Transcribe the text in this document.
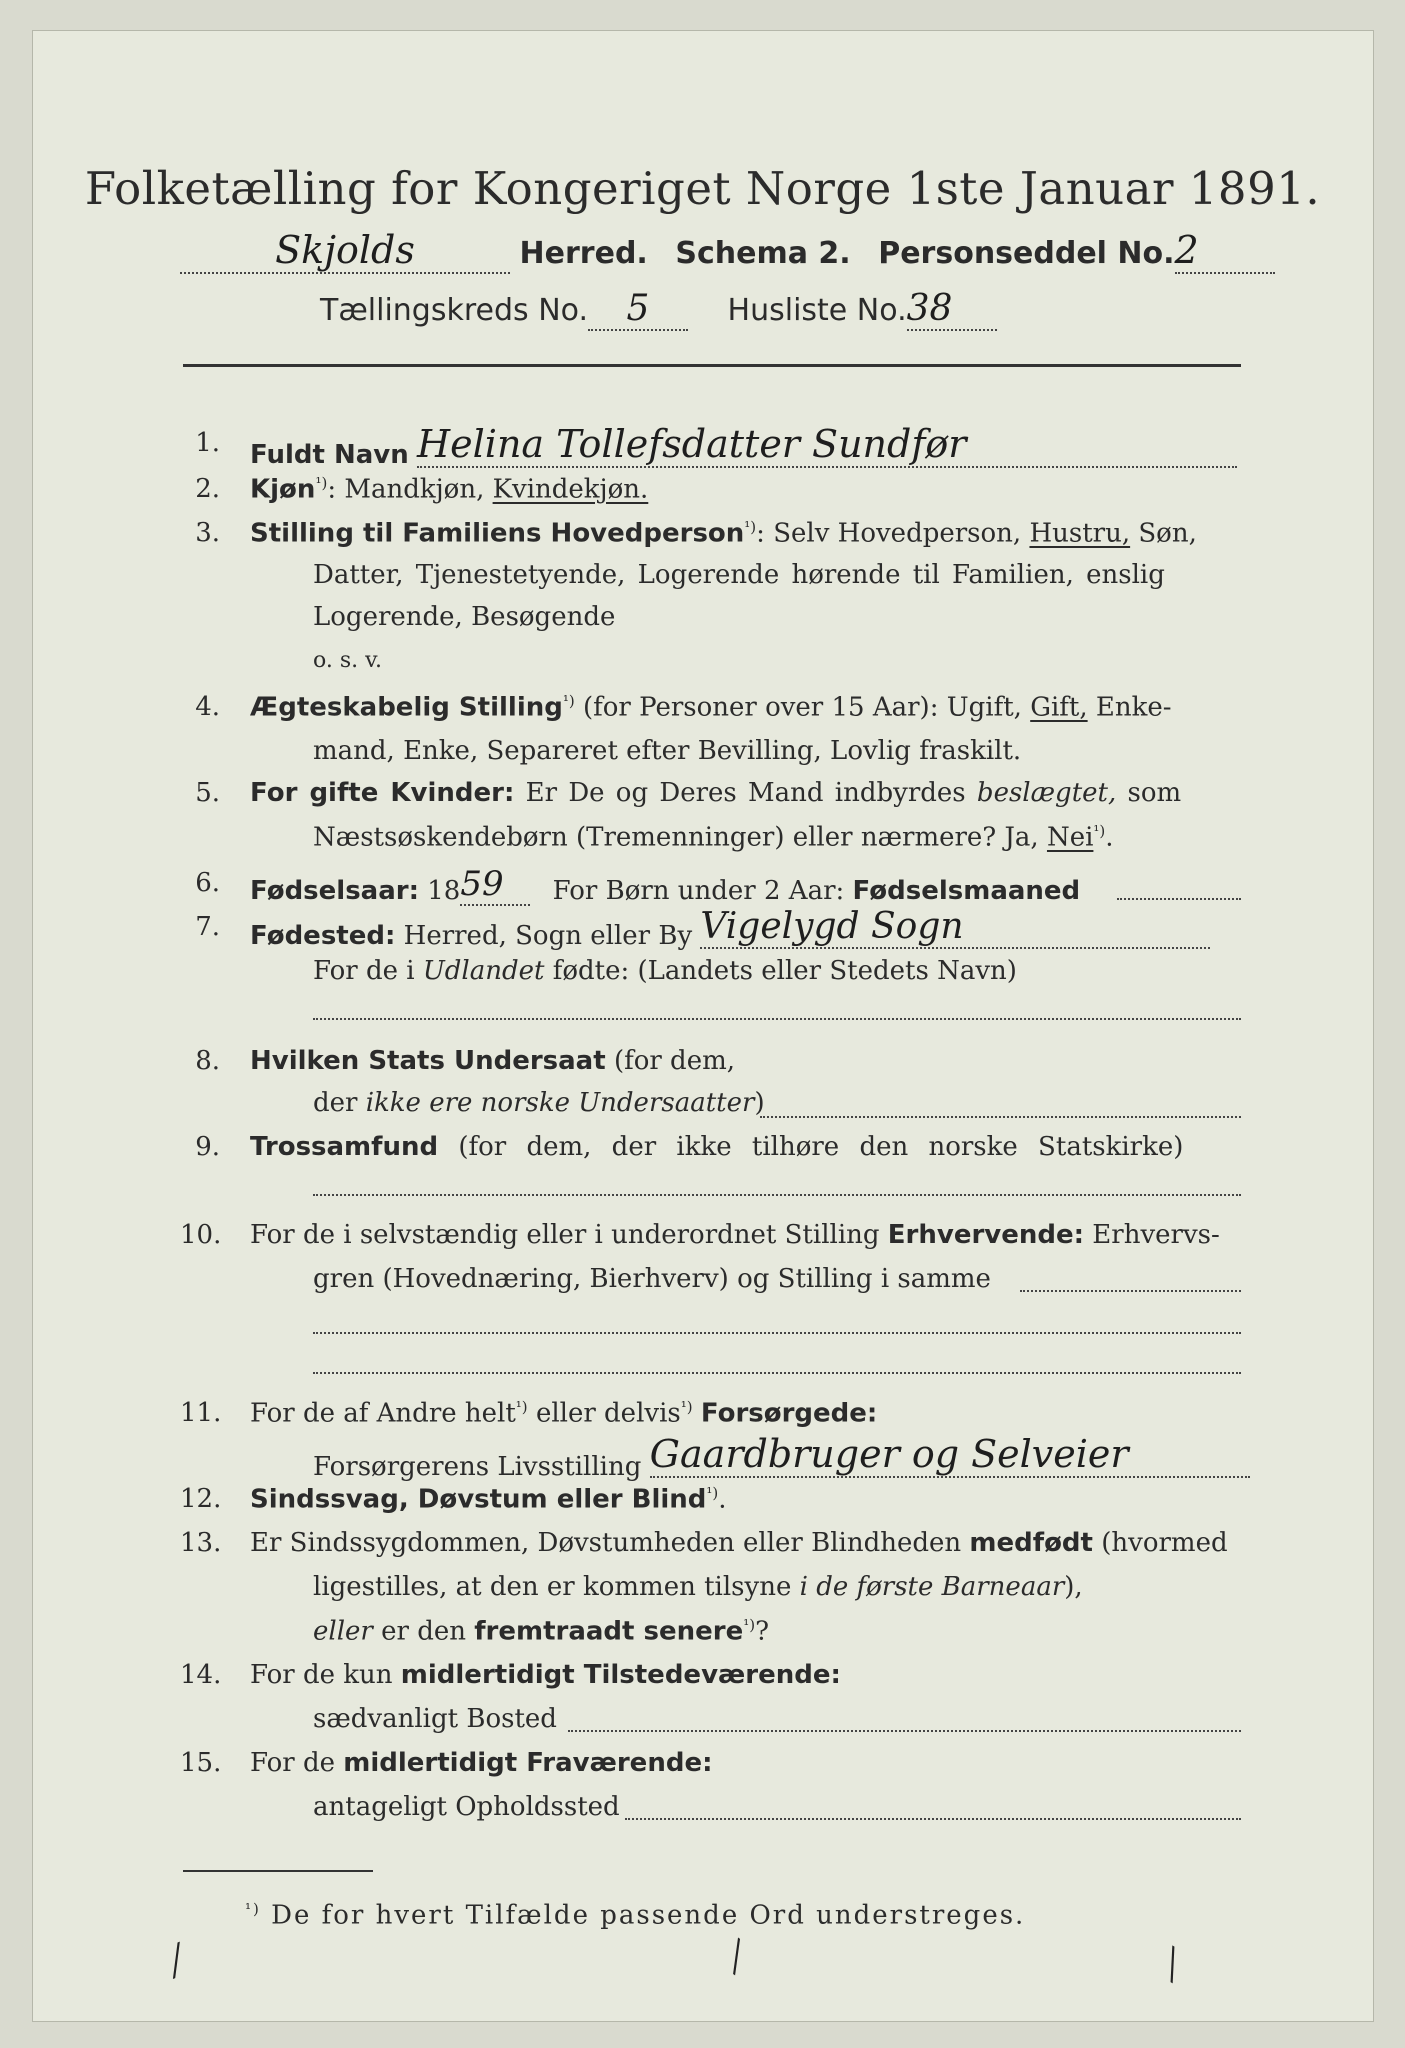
Folketælling for Kongeriget Norge 1ste Januar 1891.
Skjolds	Herred. Schema 2. Personseddel No.2
Tællingskreds No. 5	Husliste No.38
1. Fuldt Navn Helina Tollefsdatter Sundfør
2. Kjøn$^{^1)}$: Mandkjøn, Kvindekjøn.
3. Stilling til Familiens Hovedperson$^{^1)}$: Selv Hovedperson, Hustru, Søn,
Datter, Tjenestetyende, Logerende hørende til Familien, enslig
Logerende, Besøgende
o. s. v.
4. Ægteskabelig Stilling$^{^1)}$ (for Personer over 15 Aar): Ugift, Gift, Enke-
mand, Enke, Separeret efter Bevilling, Lovlig fraskilt.
5. For gifte Kvinder: Er De og Deres Mand indbyrdes beslægtet, som
Næstsøskendebørn (Tremenninger) eller nærmere? Ja, Nei$^{^1)}$.
6. Fødselsaar: 1859 For Børn under 2 Aar: Fødselsmaaned
7. Fødested: Herred, Sogn eller By Vigelygd Sogn
For de i Udlandet fødte: (Landets eller Stedets Navn)
8. Hvilken Stats Undersaat (for dem,
der ikke ere norske Undersaatter)
9. Trossamfund (for dem, der ikke tilhøre den norske Statskirke)
10. For de i selvstændig eller i underordnet Stilling Erhvervende: Erhvervs-
gren (Hovednæring, Bierhverv) og Stilling i samme
11. For de af Andre helt$^{^1)}$ eller delvis$^{^1)}$ Forsørgede:
Forsørgerens Livsstilling Gaardbruger og Selveier
12. Sindssvag, Døvstum eller Blind$^{^1)}$.
13. Er Sindssygdommen, Døvstumheden eller Blindheden medfødt (hvormed
ligestilles, at den er kommen tilsyne i de første Barneaar),
eller er den fremtraadt senere$^{^1)}$?
14. For de kun midlertidigt Tilstedeværende:
sædvanligt Bosted
15. For de midlertidigt Fraværende:
antageligt Opholdssted
$^{^1)}$ De for hvert Tilfælde passende Ord understreges.
╱	╲	╲
